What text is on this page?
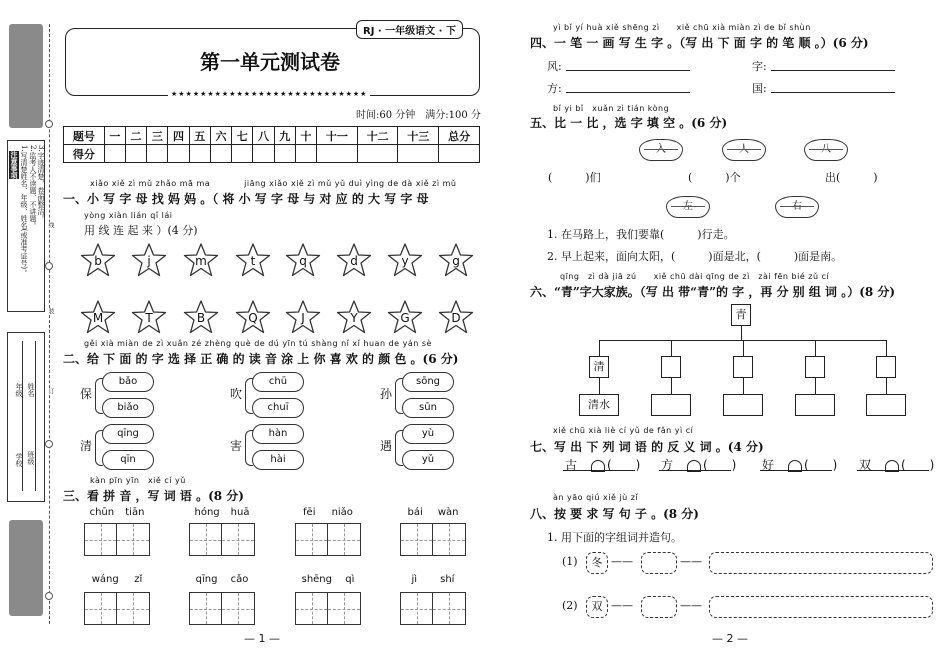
注意事项 1.写清楚姓名、年级、姓名(或准考证号)。 2.监考人不读题、不讲题。 3.字迹清楚，卷面整洁。
学校 班级
年级 姓名
线
订
装
RJ · 一年级语文 · 下
第一单元测试卷
★★★★★★★★★★★★★★★★★★★★★★★★★★★
时间:60 分钟　满分:100 分
题号	一	二	三	四	五	六	七	八	九	十	十一	十二	十三	总分
得分														
xiǎo xiě zì mǔ zhǎo mā ma　　　　jiāng xiǎo xiě zì mǔ yǔ duì yìng de dà xiě zì mǔ
一、小 写 字 母 找 妈 妈 。（ 将 小 写 字 母 与 对 应 的 大 写 字 母
yòng xiàn lián qǐ lái
用 线 连 起 来 ）(4 分)
b
M
j
T
m
B
t
Q
q
J
d
Y
y
G
g
D
gěi xià miàn de zì xuǎn zé zhèng què de dú yīn tú shàng nǐ xǐ huan de yán sè
二、给 下 面 的 字 选 择 正 确 的 读 音 涂 上 你 喜 欢 的 颜 色 。(6 分)
保
bǎo
biǎo
吹
chū
chuī
孙
sōng
sūn
清
qīng
qīn
害
hàn
hài
遇
yù
yǔ
kàn pīn yīn　xiě cí yǔ
三、看 拼 音 ，写 词 语 。(8 分)
chūn tiān	hóng huā	fēi niǎo	bái wàn
wáng zǐ	qīng cǎo	shēng qì	jì shí
— 1 —
yì bǐ yí huà xiě shēng zì　　xiě chū xià miàn zì de bǐ shùn
四、一 笔 一 画 写 生 字 。（写 出 下 面 字 的 笔 顺 。）(6 分)
风:	字:
方:	国:
bǐ yi bǐ　xuǎn zì tián kòng
五、比 一 比 ，选 字 填 空 。(6 分)
入	人	八
(　　　)们	(　　　)个	出(　　　)
左	右
1. 在马路上，我们要靠(　　　)行走。
2. 早上起来，面向太阳，(　　　)面是北，(　　　)面是南。
qīng　zì dà jiā zú　　xiě chū dài qīng de zì　zài fēn bié zǔ cí
六、“青”字大家族。（写 出 带“青”的 字 ，再 分 别 组 词 。）(8 分)
青
清
清水
xiě chū xià liè cí yǔ de fǎn yì cí
七、写 出 下 列 词 语 的 反 义 词 。(4 分)
古 (　　) 方 (　　) 好 (　　) 双 (　　)
àn yāo qiú xiě jù zǐ
八、按 要 求 写 句 子 。(8 分)
1. 用下面的字组词并造句。
(1)	冬 ——	——
(2)	双 ——	——
— 2 —
